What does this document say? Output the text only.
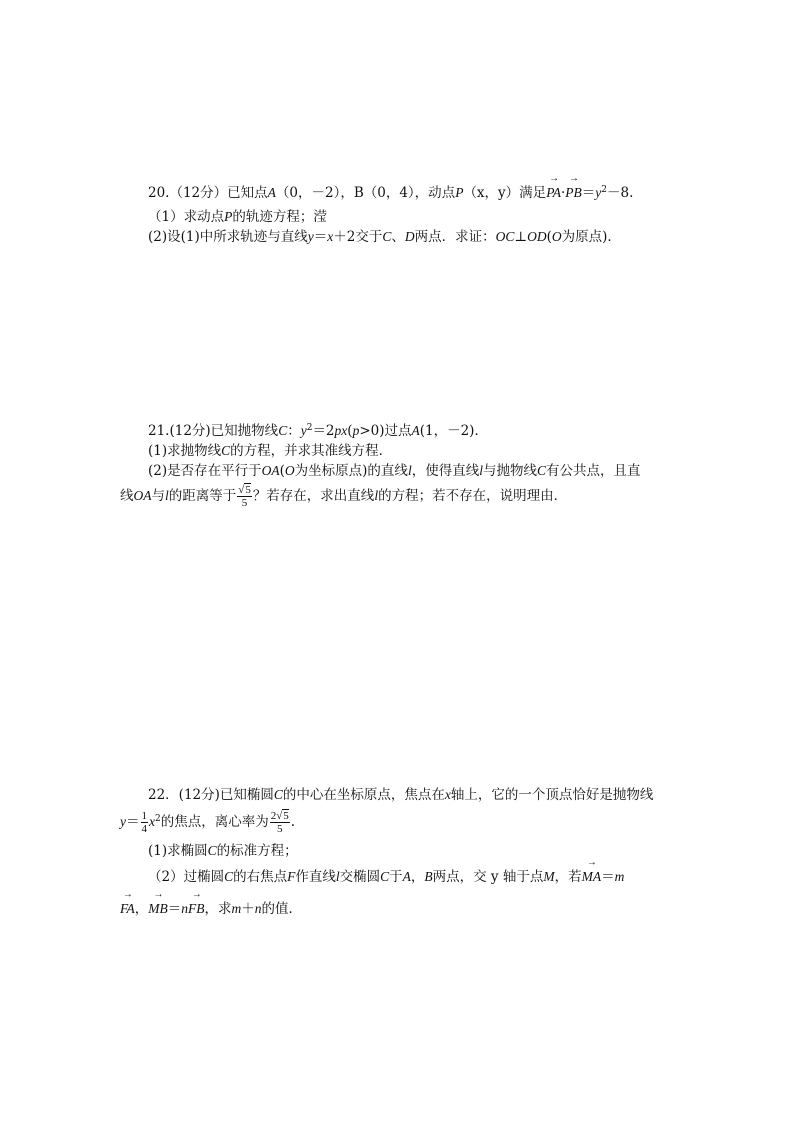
20.（12分）已知点A（0，－2），B（0，4），动点P（x，y）满足→ $PA\cdot\to PB=y^2-8$.
（1）求动点P的轨迹方程；滢
(2)设(1)中所求轨迹与直线y＝x＋2交于C、D两点．求证：OC⊥OD(O为原点)．
21.(12分)已知抛物线C：$y^2=2px(p>0)$过点A(1，－2)．
(1)求抛物线C的方程，并求其准线方程．
(2)是否存在平行于OA(O为坐标原点)的直线l，使得直线l与抛物线C有公共点，且直
线OA与l的距离等于 $\frac{√5}{5}$ ？若存在，求出直线l的方程；若不存在，说明理由．
22．(12分)已知椭圆C的中心在坐标原点，焦点在x轴上，它的一个顶点恰好是抛物线
$y= \frac{1}{4} x^2$的焦点，离心率为 $\frac{2√5}{5}$ .
(1)求椭圆C的标准方程；
（2）过椭圆C的右焦点F作直线l交椭圆C于A，B两点，交 y 轴于点M，若→ MA＝m
→ FA，→ MB＝n→ FB，求m＋n的值．
